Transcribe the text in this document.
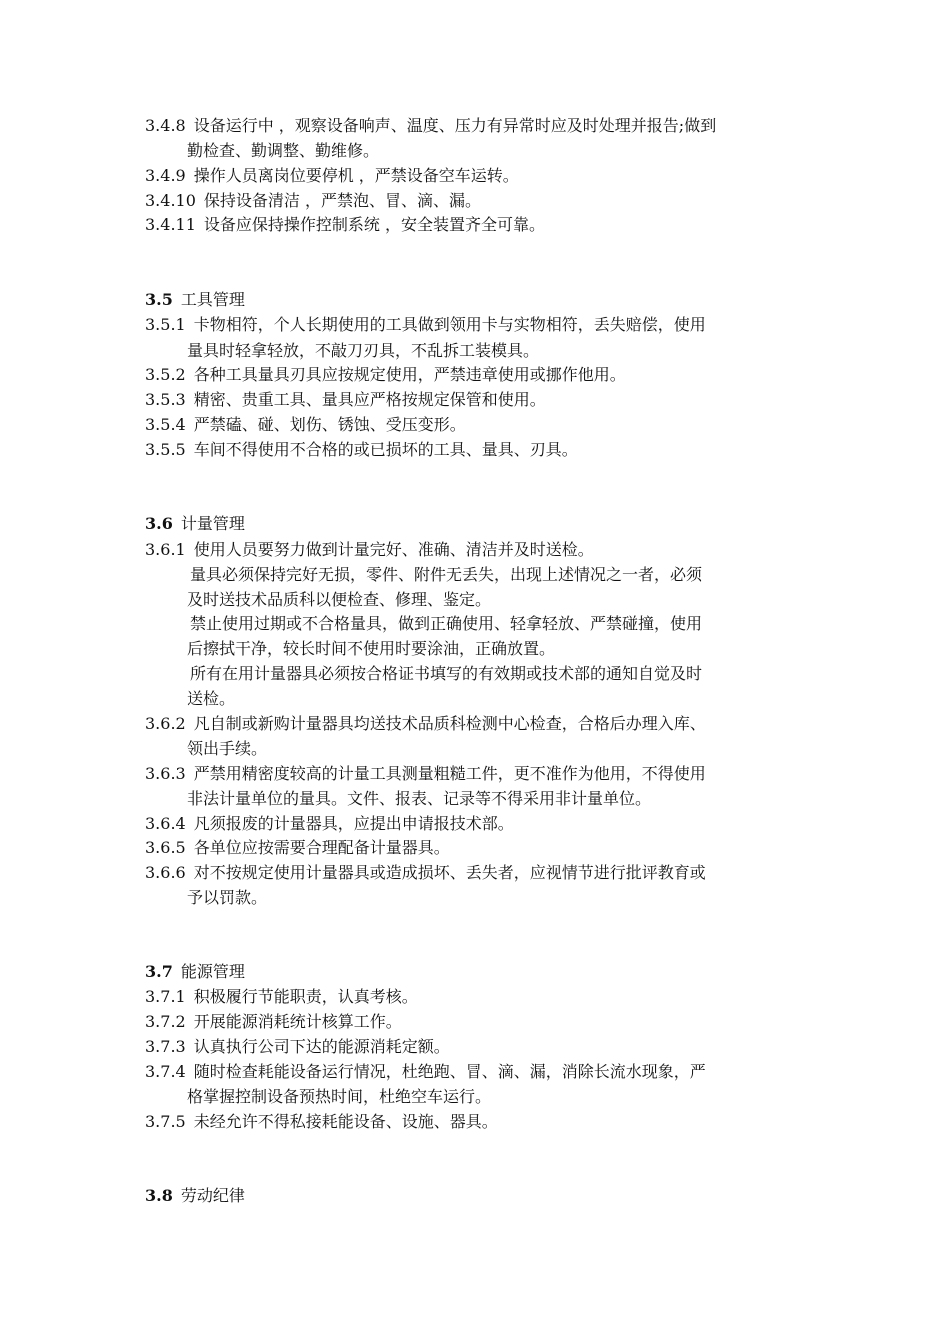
3.4.8 设备运行中 ，观察设备响声、温度、压力有异常时应及时处理并报告;做到
勤检查、勤调整、勤维修。
3.4.9 操作人员离岗位要停机 ，严禁设备空车运转。
3.4.10 保持设备清洁 ，严禁泡、冒、滴、漏。
3.4.11 设备应保持操作控制系统 ，安全装置齐全可靠。
3.5 工具管理
3.5.1 卡物相符，个人长期使用的工具做到领用卡与实物相符，丢失赔偿，使用
量具时轻拿轻放，不敲刀刃具，不乱拆工装模具。
3.5.2 各种工具量具刃具应按规定使用，严禁违章使用或挪作他用。
3.5.3 精密、贵重工具、量具应严格按规定保管和使用。
3.5.4 严禁磕、碰、划伤、锈蚀、受压变形。
3.5.5 车间不得使用不合格的或已损坏的工具、量具、刃具。
3.6 计量管理
3.6.1 使用人员要努力做到计量完好、准确、清洁并及时送检。
量具必须保持完好无损，零件、附件无丢失，出现上述情况之一者，必须
及时送技术品质科以便检查、修理、鉴定。
禁止使用过期或不合格量具，做到正确使用、轻拿轻放、严禁碰撞，使用
后擦拭干净，较长时间不使用时要涂油，正确放置。
所有在用计量器具必须按合格证书填写的有效期或技术部的通知自觉及时
送检。
3.6.2 凡自制或新购计量器具均送技术品质科检测中心检查，合格后办理入库、
领出手续。
3.6.3 严禁用精密度较高的计量工具测量粗糙工件，更不准作为他用，不得使用
非法计量单位的量具。文件、报表、记录等不得采用非计量单位。
3.6.4 凡须报废的计量器具，应提出申请报技术部。
3.6.5 各单位应按需要合理配备计量器具。
3.6.6 对不按规定使用计量器具或造成损坏、丢失者，应视情节进行批评教育或
予以罚款。
3.7 能源管理
3.7.1 积极履行节能职责，认真考核。
3.7.2 开展能源消耗统计核算工作。
3.7.3 认真执行公司下达的能源消耗定额。
3.7.4 随时检查耗能设备运行情况，杜绝跑、冒、滴、漏，消除长流水现象，严
格掌握控制设备预热时间，杜绝空车运行。
3.7.5 未经允许不得私接耗能设备、设施、器具。
3.8 劳动纪律
